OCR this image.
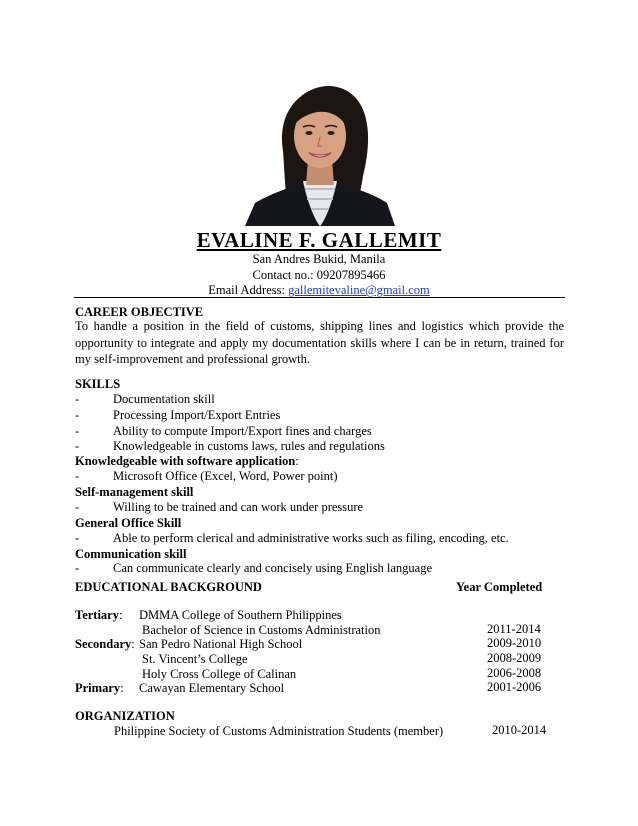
EVALINE F. GALLEMIT
San Andres Bukid, Manila
Contact no.: 09207895466
Email Address: gallemitevaline@gmail.com
CAREER OBJECTIVE
To handle a position in the field of customs, shipping lines and logistics which provide the opportunity to integrate and apply my documentation skills where I can be in return, trained for my self-improvement and professional growth.
SKILLS
-	Documentation skill
-	Processing Import/Export Entries
-	Ability to compute Import/Export fines and charges
-	Knowledgeable in customs laws, rules and regulations
Knowledgeable with software application:
-	Microsoft Office (Excel, Word, Power point)
Self-management skill
-	Willing to be trained and can work under pressure
General Office Skill
-	Able to perform clerical and administrative works such as filing, encoding, etc.
Communication skill
-	Can communicate clearly and concisely using English language
EDUCATIONAL BACKGROUND	Year Completed
Tertiary: DMMA College of Southern Philippines
Bachelor of Science in Customs Administration	2011-2014
Secondary: San Pedro National High School	2009-2010
St. Vincent’s College	2008-2009
Holy Cross College of Calinan	2006-2008
Primary: Cawayan Elementary School	2001-2006
ORGANIZATION
Philippine Society of Customs Administration Students (member)	2010-2014
